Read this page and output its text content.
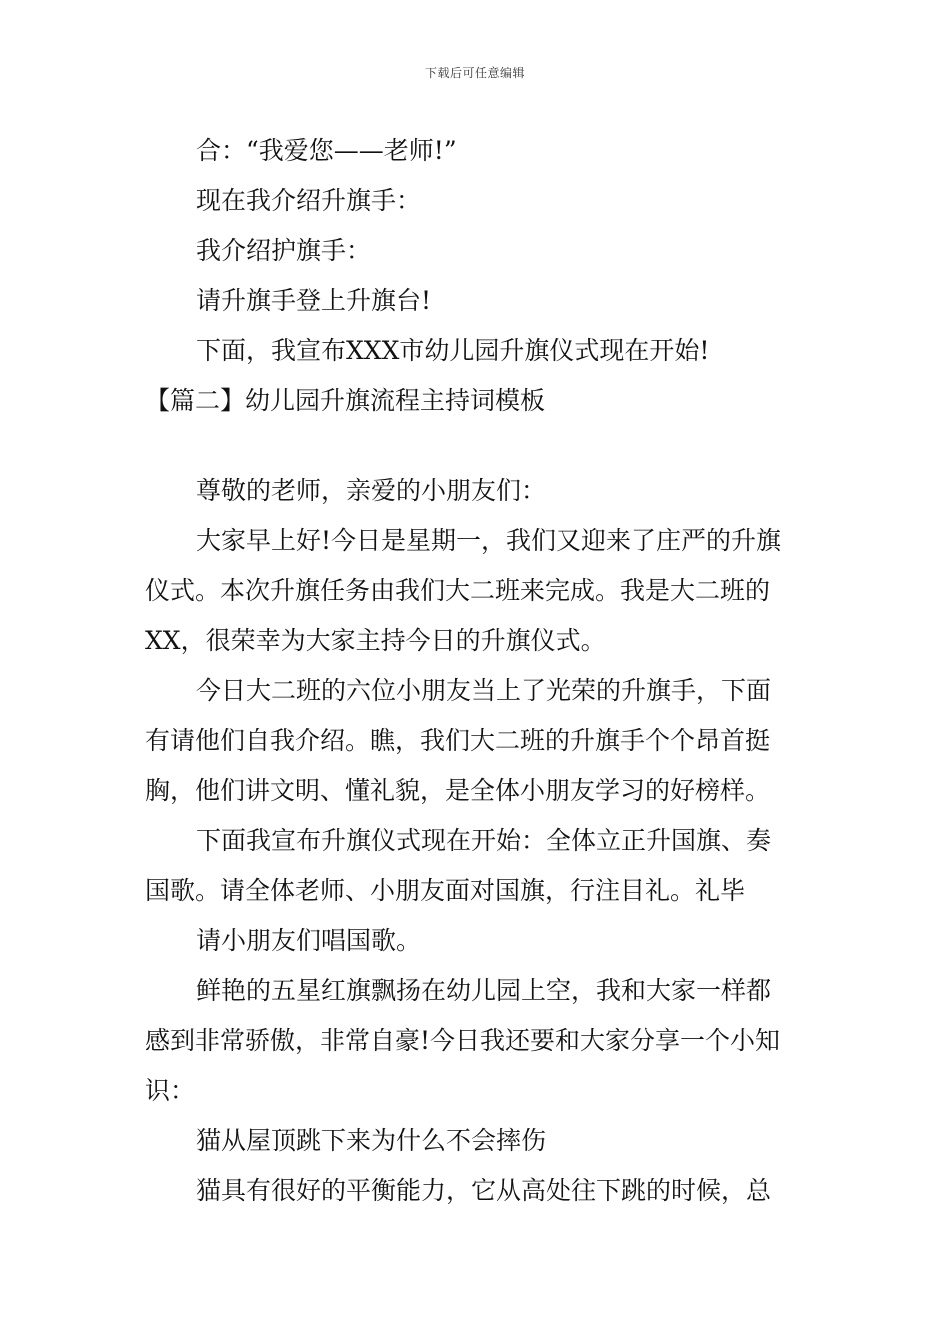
下载后可任意编辑
合：“我爱您——老师!”
现在我介绍升旗手：
我介绍护旗手：
请升旗手登上升旗台!
下面，我宣布XXX市幼儿园升旗仪式现在开始!
【篇二】幼儿园升旗流程主持词模板
尊敬的老师，亲爱的小朋友们：
大家早上好!今日是星期一，我们又迎来了庄严的升旗
仪式。本次升旗任务由我们大二班来完成。我是大二班的
XX，很荣幸为大家主持今日的升旗仪式。
今日大二班的六位小朋友当上了光荣的升旗手，下面
有请他们自我介绍。瞧，我们大二班的升旗手个个昂首挺
胸，他们讲文明、懂礼貌，是全体小朋友学习的好榜样。
下面我宣布升旗仪式现在开始：全体立正升国旗、奏
国歌。请全体老师、小朋友面对国旗，行注目礼。礼毕
请小朋友们唱国歌。
鲜艳的五星红旗飘扬在幼儿园上空，我和大家一样都
感到非常骄傲，非常自豪!今日我还要和大家分享一个小知
识：
猫从屋顶跳下来为什么不会摔伤
猫具有很好的平衡能力，它从高处往下跳的时候，总
